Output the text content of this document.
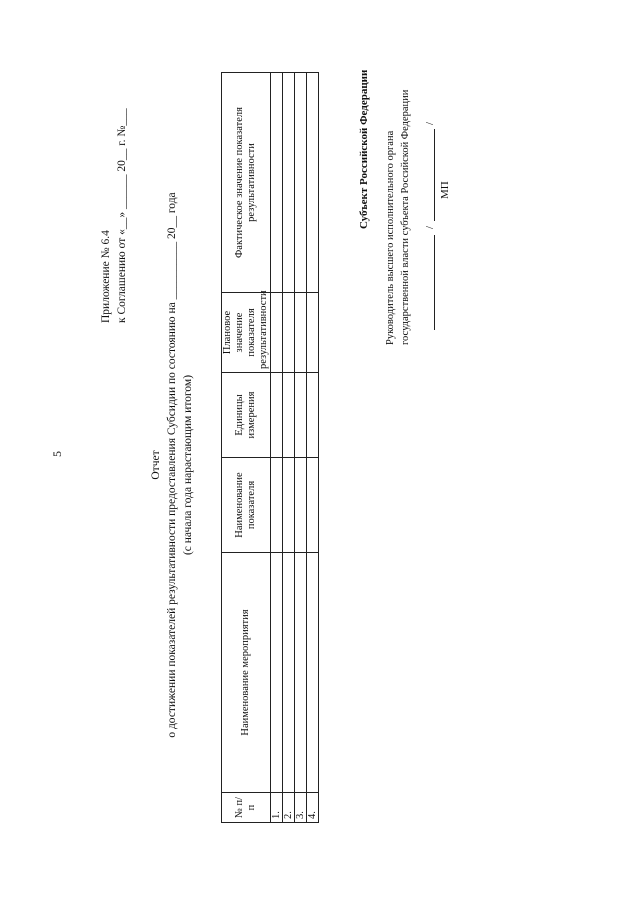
5
Приложение № 6.4 к Соглашению от «__» ______ 20__ г. №___
Отчет о достижении показателей результативности предоставления Субсидии по состоянию на __________ 20__ года (с начала года нарастающим итогом)
№ п/п	Наименование мероприятия	Наименование показателя	Единицы измерения	Плановое значение показателя результативности	Фактическое значение показателя результативности
1.					
2.					
3.					
4.					
Субъект Российской Федерации Руководитель высшего исполнительного органа государственной власти субъекта Российской Федерации /
/
МП
